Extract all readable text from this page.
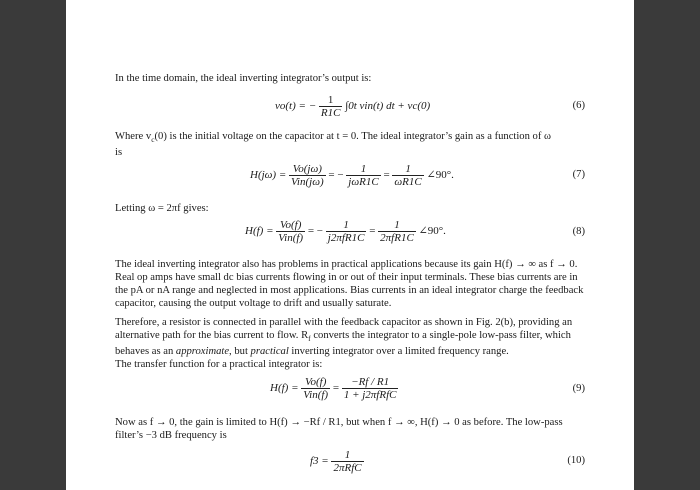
In the time domain, the ideal inverting integrator’s output is:

vo(t) = − $\frac{1}{R1C} \int 0t$ vin(t) dt + vc(0)	(6)

Where $v_c(0)$ is the initial voltage on the capacitor at t = 0. The ideal integrator’s gain as a function of ω
is

$H(j\omega) = \frac{Vo(j\omega)}{\text{Vin(jω)}}$ = − $\frac{1}{\text{jωR1C}} = \frac{1}{\omega R1C}$ ∠90°.	(7)

Letting ω = 2πf gives:

$H(f) = \frac{Vo(f)}{\text{Vin(f)}}$ = − $\frac{1}{\text{j2πfR1C}} = \frac{1}{\text{2πfR1C}}$ ∠90°.	(8)

The ideal inverting integrator also has problems in practical applications because its gain H(f) → ∞ as f → 0. Real op amps have small dc bias currents flowing in or out of their input terminals. These bias currents are in the pA or nA range and neglected in most applications. Bias currents in an ideal integrator charge the feedback capacitor, causing the output voltage to drift and usually saturate.

Therefore, a resistor is connected in parallel with the feedback capacitor as shown in Fig. 2(b), providing an alternative path for the bias current to flow. $R_f$ converts the integrator to a single-pole low-pass filter, which behaves as an approximate, but practical inverting integrator over a limited frequency range.

The transfer function for a practical integrator is:

$H(f) = \frac{Vo(f)}{\text{Vin(f)}} = \frac{-Rf / R1}{\text{1 + j2πfRfC}}$	(9)

Now as f → 0, the gain is limited to H(f) → −Rf / R1, but when f → ∞, H(f) → 0 as before. The low-pass filter’s −3 dB frequency is

$f3 = \frac{1}{\text{2πRfC}}$	(10)
